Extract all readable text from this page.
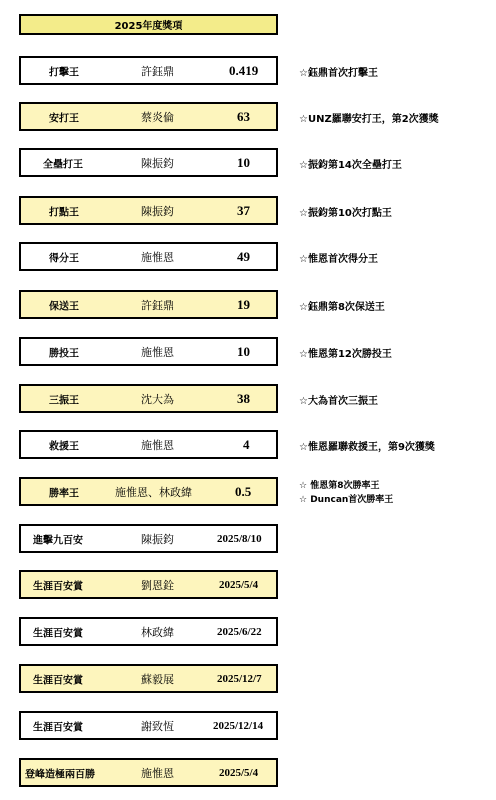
2025年度獎項
打擊王	許鈺鼎	0.419	☆鈺鼎首次打擊王
安打王	蔡炎倫	63	☆UNZ羅聯安打王，第2次獲獎
全壘打王	陳振鈞	10	☆振鈞第14次全壘打王
打點王	陳振鈞	37	☆振鈞第10次打點王
得分王	施惟恩	49	☆惟恩首次得分王
保送王	許鈺鼎	19	☆鈺鼎第8次保送王
勝投王	施惟恩	10	☆惟恩第12次勝投王
三振王	沈大為	38	☆大為首次三振王
救援王	施惟恩	4	☆惟恩羅聯救援王，第9次獲獎
勝率王	施惟恩、林政緯	0.5	☆ 惟恩第8次勝率王
☆ Duncan首次勝率王
進擊九百安	陳振鈞	2025/8/10
生涯百安賞	劉恩銓	2025/5/4
生涯百安賞	林政緯	2025/6/22
生涯百安賞	蘇毅展	2025/12/7
生涯百安賞	謝致恆	2025/12/14
登峰造極兩百勝	施惟恩	2025/5/4
